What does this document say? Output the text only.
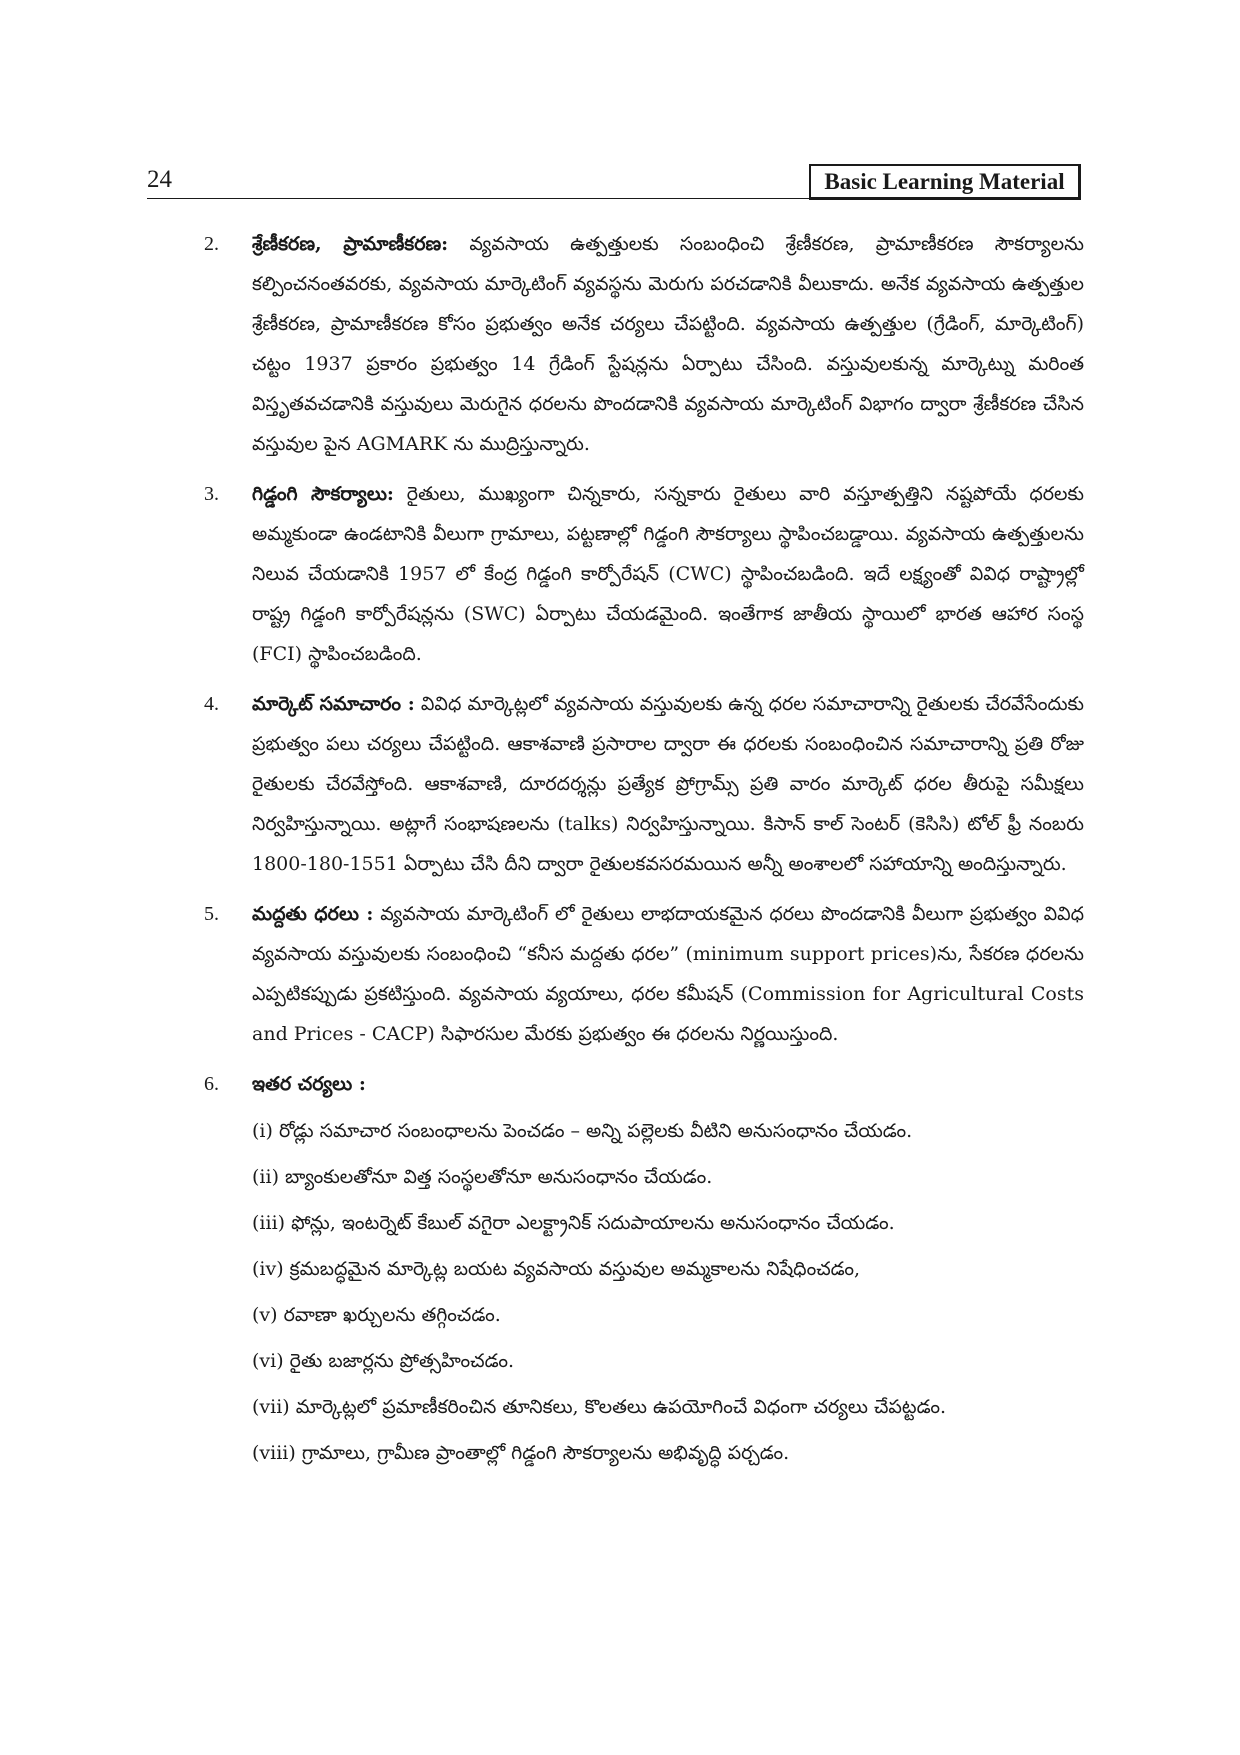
24	Basic Learning Material
2. శ్రేణీకరణ, ప్రామాణీకరణ: వ్యవసాయ ఉత్పత్తులకు సంబంధించి శ్రేణీకరణ, ప్రామాణీకరణ సౌకర్యాలను కల్పించనంతవరకు, వ్యవసాయ మార్కెటింగ్ వ్యవస్థను మెరుగు పరచడానికి వీలుకాదు. అనేక వ్యవసాయ ఉత్పత్తుల శ్రేణీకరణ, ప్రామాణీకరణ కోసం ప్రభుత్వం అనేక చర్యలు చేపట్టింది. వ్యవసాయ ఉత్పత్తుల (గ్రేడింగ్, మార్కెటింగ్) చట్టం 1937 ప్రకారం ప్రభుత్వం 14 గ్రేడింగ్ స్టేషన్లను ఏర్పాటు చేసింది. వస్తువులకున్న మార్కెట్ను మరింత విస్తృతవచడానికి వస్తువులు మెరుగైన ధరలను పొందడానికి వ్యవసాయ మార్కెటింగ్ విభాగం ద్వారా శ్రేణీకరణ చేసిన వస్తువుల పైన AGMARK ను ముద్రిస్తున్నారు.
3. గిడ్డంగి సౌకర్యాలు: రైతులు, ముఖ్యంగా చిన్నకారు, సన్నకారు రైతులు వారి వస్తూత్పత్తిని నష్టపోయే ధరలకు అమ్మకుండా ఉండటానికి వీలుగా గ్రామాలు, పట్టణాల్లో గిడ్డంగి సౌకర్యాలు స్థాపించబడ్డాయి. వ్యవసాయ ఉత్పత్తులను నిలువ చేయడానికి 1957 లో కేంద్ర గిడ్డంగి కార్పోరేషన్ (CWC) స్థాపించబడింది. ఇదే లక్ష్యంతో వివిధ రాష్ట్రాల్లో రాష్ట్ర గిడ్డంగి కార్పోరేషన్లను (SWC) ఏర్పాటు చేయడమైంది. ఇంతేగాక జాతీయ స్థాయిలో భారత ఆహార సంస్థ (FCI) స్థాపించబడింది.
4. మార్కెట్ సమాచారం : వివిధ మార్కెట్లలో వ్యవసాయ వస్తువులకు ఉన్న ధరల సమాచారాన్ని రైతులకు చేరవేసేందుకు ప్రభుత్వం పలు చర్యలు చేపట్టింది. ఆకాశవాణి ప్రసారాల ద్వారా ఈ ధరలకు సంబంధించిన సమాచారాన్ని ప్రతి రోజు రైతులకు చేరవేస్తోంది. ఆకాశవాణి, దూరదర్శన్లు ప్రత్యేక ప్రోగ్రామ్స్ ప్రతి వారం మార్కెట్ ధరల తీరుపై సమీక్షలు నిర్వహిస్తున్నాయి. అట్లాగే సంభాషణలను (talks) నిర్వహిస్తున్నాయి. కిసాన్ కాల్ సెంటర్ (కెసిసి) టోల్ ఫ్రీ నంబరు 1800-180-1551 ఏర్పాటు చేసి దీని ద్వారా రైతులకవసరమయిన అన్నీ అంశాలలో సహాయాన్ని అందిస్తున్నారు.
5. మద్దతు ధరలు : వ్యవసాయ మార్కెటింగ్ లో రైతులు లాభదాయకమైన ధరలు పొందడానికి వీలుగా ప్రభుత్వం వివిధ వ్యవసాయ వస్తువులకు సంబంధించి “కనీస మద్దతు ధరల” (minimum support prices)ను, సేకరణ ధరలను ఎప్పటికప్పుడు ప్రకటిస్తుంది. వ్యవసాయ వ్యయాలు, ధరల కమీషన్ (Commission for Agricultural Costs and Prices - CACP) సిఫారసుల మేరకు ప్రభుత్వం ఈ ధరలను నిర్ణయిస్తుంది.
6. ఇతర చర్యలు :
(i) రోడ్లు సమాచార సంబంధాలను పెంచడం – అన్ని పల్లెలకు వీటిని అనుసంధానం చేయడం.
(ii) బ్యాంకులతోనూ విత్త సంస్థలతోనూ అనుసంధానం చేయడం.
(iii) ఫోన్లు, ఇంటర్నెట్ కేబుల్ వగైరా ఎలక్ట్రానిక్ సదుపాయాలను అనుసంధానం చేయడం.
(iv) క్రమబద్ధమైన మార్కెట్ల బయట వ్యవసాయ వస్తువుల అమ్మకాలను నిషేధించడం,
(v) రవాణా ఖర్చులను తగ్గించడం.
(vi) రైతు బజార్లను ప్రోత్సహించడం.
(vii) మార్కెట్లలో ప్రమాణీకరించిన తూనికలు, కొలతలు ఉపయోగించే విధంగా చర్యలు చేపట్టడం.
(viii) గ్రామాలు, గ్రామీణ ప్రాంతాల్లో గిడ్డంగి సౌకర్యాలను అభివృద్ధి పర్చడం.
